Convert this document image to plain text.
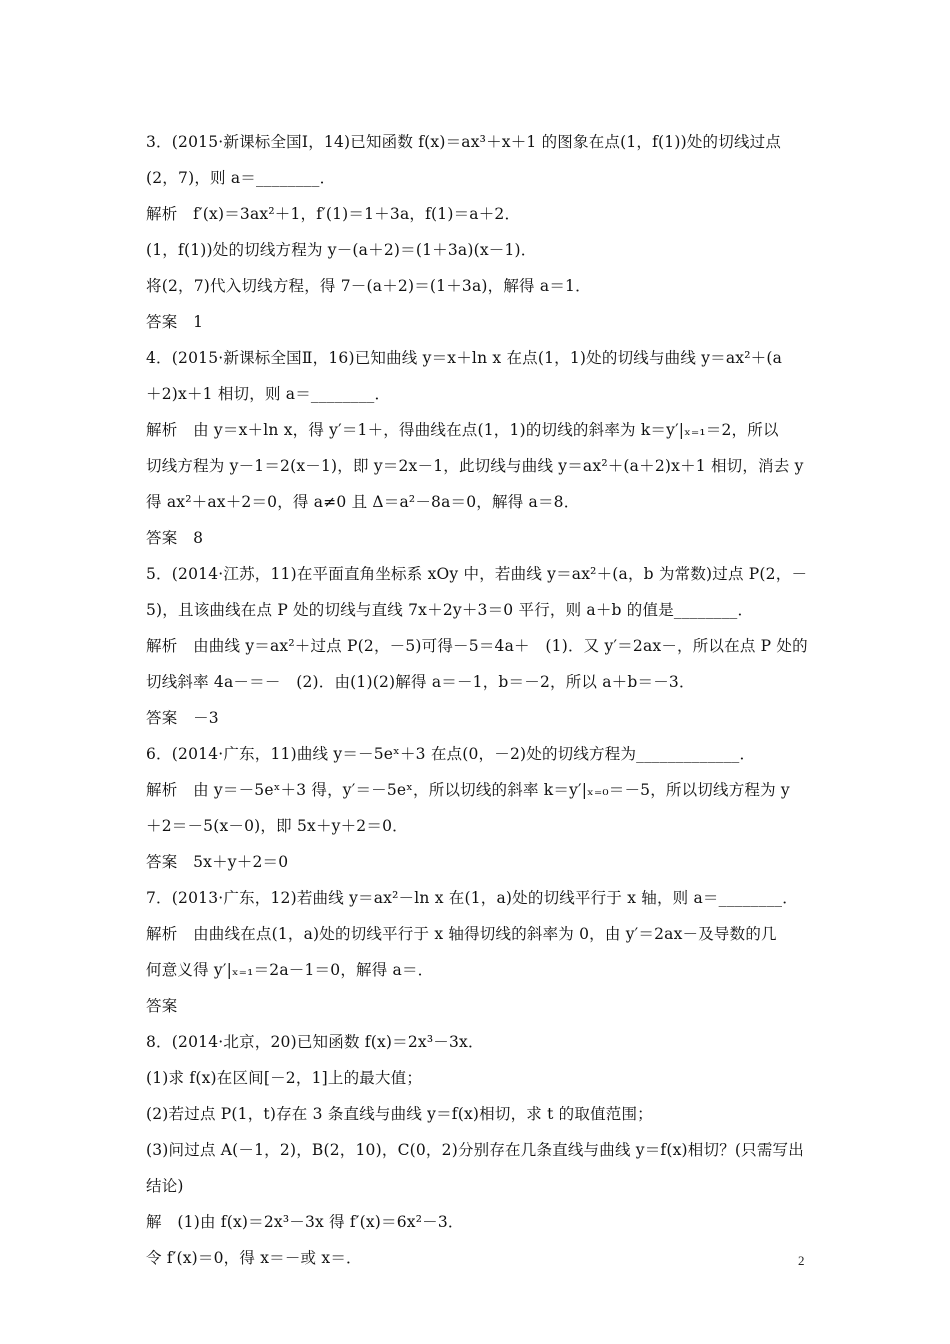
3．(2015·新课标全国Ⅰ，14)已知函数 f(x)＝ax³＋x＋1 的图象在点(1，f(1))处的切线过点
(2，7)，则 a＝________．
解析　f′(x)＝3ax²＋1，f′(1)＝1＋3a，f(1)＝a＋2．
(1，f(1))处的切线方程为 y－(a＋2)＝(1＋3a)(x－1)．
将(2，7)代入切线方程，得 7－(a＋2)＝(1＋3a)，解得 a＝1．
答案　1
4．(2015·新课标全国Ⅱ，16)已知曲线 y＝x＋ln x 在点(1，1)处的切线与曲线 y＝ax²＋(a
＋2)x＋1 相切，则 a＝________．
解析　由 y＝x＋ln x，得 y′＝1＋，得曲线在点(1，1)的切线的斜率为 k＝y′|ₓ₌₁＝2，所以
切线方程为 y－1＝2(x－1)，即 y＝2x－1，此切线与曲线 y＝ax²＋(a＋2)x＋1 相切，消去 y
得 ax²＋ax＋2＝0，得 a≠0 且 Δ＝a²－8a＝0，解得 a＝8．
答案　8
5．(2014·江苏，11)在平面直角坐标系 xOy 中，若曲线 y＝ax²＋(a，b 为常数)过点 P(2，－
5)，且该曲线在点 P 处的切线与直线 7x＋2y＋3＝0 平行，则 a＋b 的值是________．
解析　由曲线 y＝ax²＋过点 P(2，－5)可得－5＝4a＋　(1)．又 y′＝2ax－，所以在点 P 处的
切线斜率 4a－＝－　(2)．由(1)(2)解得 a＝－1，b＝－2，所以 a＋b＝－3．
答案　－3
6．(2014·广东，11)曲线 y＝－5eˣ＋3 在点(0，－2)处的切线方程为_____________．
解析　由 y＝－5eˣ＋3 得，y′＝－5eˣ，所以切线的斜率 k＝y′|ₓ₌₀＝－5，所以切线方程为 y
＋2＝－5(x－0)，即 5x＋y＋2＝0．
答案　5x＋y＋2＝0
7．(2013·广东，12)若曲线 y＝ax²－ln x 在(1，a)处的切线平行于 x 轴，则 a＝________．
解析　由曲线在点(1，a)处的切线平行于 x 轴得切线的斜率为 0，由 y′＝2ax－及导数的几
何意义得 y′|ₓ₌₁＝2a－1＝0，解得 a＝．
答案
8．(2014·北京，20)已知函数 f(x)＝2x³－3x．
(1)求 f(x)在区间[－2，1]上的最大值；
(2)若过点 P(1，t)存在 3 条直线与曲线 y＝f(x)相切，求 t 的取值范围；
(3)问过点 A(－1，2)，B(2，10)，C(0，2)分别存在几条直线与曲线 y＝f(x)相切？(只需写出
结论)
解　(1)由 f(x)＝2x³－3x 得 f′(x)＝6x²－3．
令 f′(x)＝0，得 x＝－或 x＝．	2
